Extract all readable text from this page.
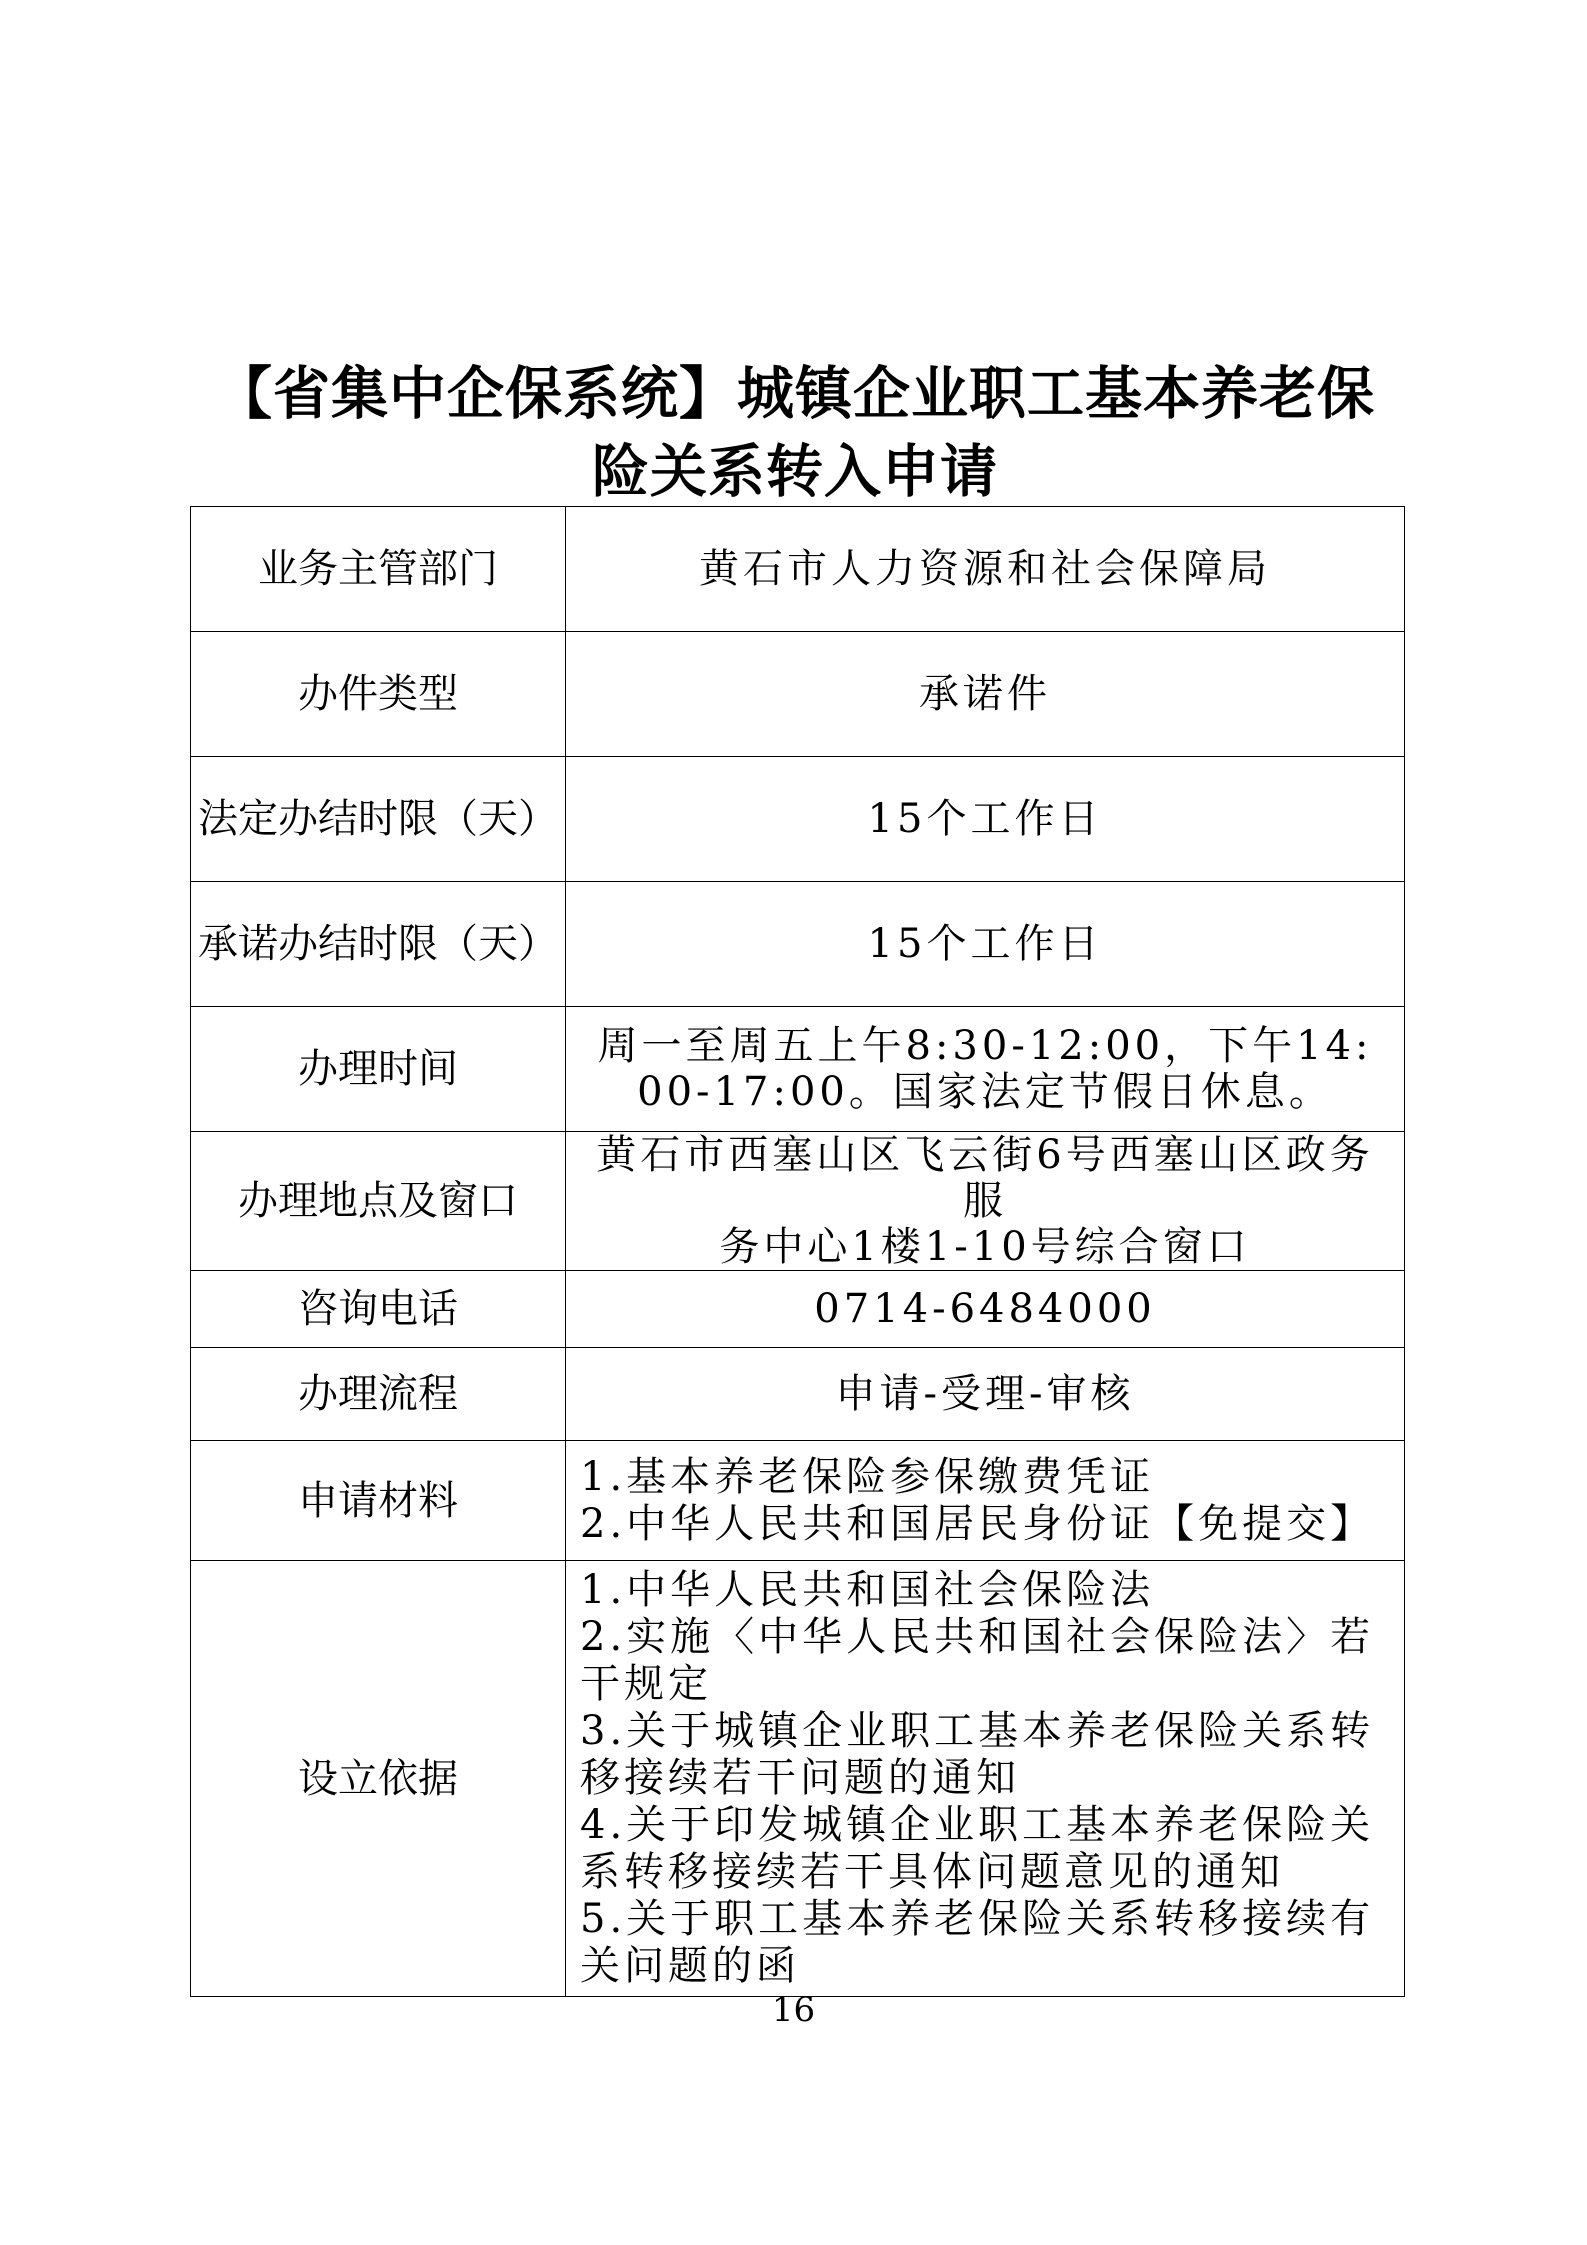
【省集中企保系统】城镇企业职工基本养老保
险关系转入申请
业务主管部门	黄石市人力资源和社会保障局
办件类型	承诺件
法定办结时限（天）	15个工作日
承诺办结时限（天）	15个工作日
办理时间	周一至周五上午8:30-12:00，下午14:
00-17:00。国家法定节假日休息。

办理地点及窗口	黄石市西塞山区飞云街6号西塞山区政务服
务中心1楼1-10号综合窗口

咨询电话	0714-6484000
办理流程	申请-受理-审核
申请材料	1.基本养老保险参保缴费凭证
2.中华人民共和国居民身份证【免提交】

设立依据	1.中华人民共和国社会保险法
2.实施〈中华人民共和国社会保险法〉若干规定
3.关于城镇企业职工基本养老保险关系转移接续若干问题的通知
4.关于印发城镇企业职工基本养老保险关系转移接续若干具体问题意见的通知
5.关于职工基本养老保险关系转移接续有关问题的函
16
